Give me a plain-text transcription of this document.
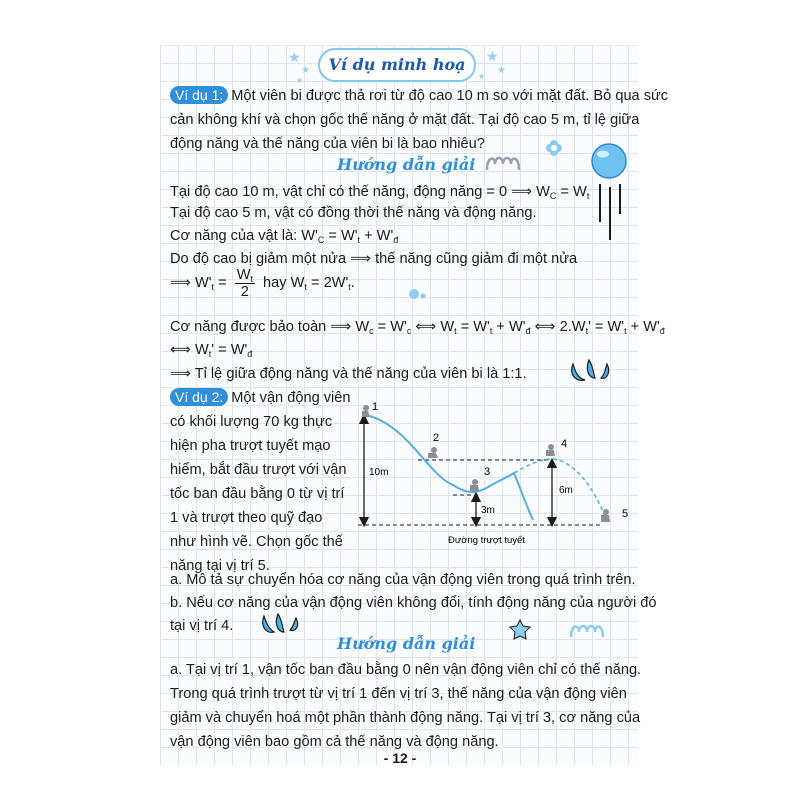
★
★
★
★
★
★
Ví dụ minh hoạ
Ví dụ 1: Một viên bi được thả rơi từ độ cao 10 m so với mặt đất. Bỏ qua sức
cản không khí và chọn gốc thế năng ở mặt đất. Tại độ cao 5 m, tỉ lệ giữa
động năng và thế năng của viên bi là bao nhiêu?
Hướng dẫn giải
Tại độ cao 10 m, vật chỉ có thế năng, động năng = 0 ⟹ $W_C = W_t$
Tại độ cao 5 m, vật có đồng thời thế năng và động năng.
Cơ năng của vật là: $W'_C = W'_t + W'_đ$
Do độ cao bị giảm một nửa ⟹ thế năng cũng giảm đi một nửa
⟹ $W'_t = \frac{W_t}{2}$ hay $W_t = 2W'_t$.
Cơ năng được bảo toàn ⟹ $W_c = W'_c$ ⟺ $W_t = W'_t + W'_đ$ ⟺ $2.W_t' = W'_t + W'_đ$
⟺ $W_t' = W'_đ$
⟹ Tỉ lệ giữa động năng và thế năng của viên bi là 1:1.
Ví dụ 2: Một vận động viên
có khối lượng 70 kg thực
hiện pha trượt tuyết mạo
hiểm, bắt đầu trượt với vận
tốc ban đầu bằng 0 từ vị trí
1 và trượt theo quỹ đạo
như hình vẽ. Chọn gốc thế
năng tại vị trí 5.
1
2
3
4
5
10m
3m
6m
Đường trượt tuyết
a. Mô tả sự chuyển hóa cơ năng của vận động viên trong quá trình trên.
b. Nếu cơ năng của vận động viên không đổi, tính động năng của người đó
tại vị trí 4.
Hướng dẫn giải
a. Tại vị trí 1, vận tốc ban đầu bằng 0 nên vận động viên chỉ có thế năng.
Trong quá trình trượt từ vị trí 1 đến vị trí 3, thế năng của vận động viên
giảm và chuyển hoá một phần thành động năng. Tại vị trí 3, cơ năng của
vận động viên bao gồm cả thế năng và động năng.
- 12 -
